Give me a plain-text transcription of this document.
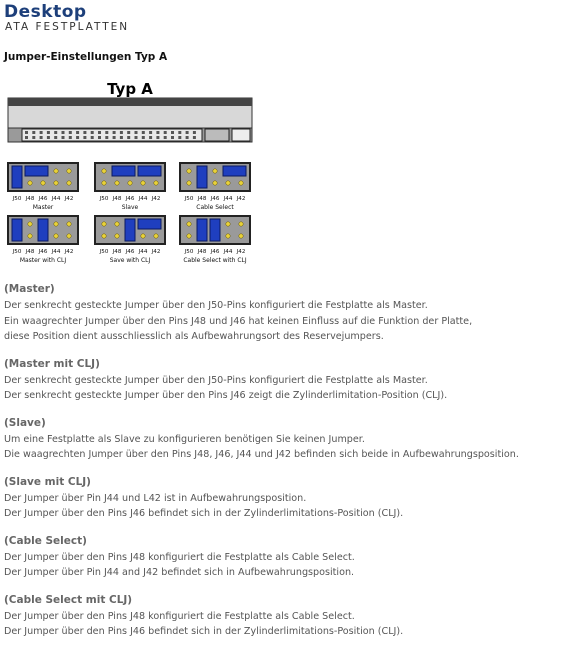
Desktop
ATA FESTPLATTEN
Jumper-Einstellungen Typ A
Typ A
J50 J48 J46 J44 J42
Master
J50 J48 J46 J44 J42
Slave
J50 J48 J46 J44 J42
Cable Select
J50 J48 J46 J44 J42
Master with CLJ
J50 J48 J46 J44 J42
Save with CLJ
J50 J48 J46 J44 J42
Cable Select with CLJ
(Master)

Der senkrecht gesteckte Jumper über den J50-Pins konfiguriert die Festplatte als Master.

Ein waagrechter Jumper über den Pins J48 und J46 hat keinen Einfluss auf die Funktion der Platte,

diese Position dient ausschliesslich als Aufbewahrungsort des Reservejumpers.

(Master mit CLJ)

Der senkrecht gesteckte Jumper über den J50-Pins konfiguriert die Festplatte als Master.

Der senkrecht gesteckte Jumper über den Pins J46 zeigt die Zylinderlimitation-Position (CLJ).

(Slave)

Um eine Festplatte als Slave zu konfigurieren benötigen Sie keinen Jumper.

Die waagrechten Jumper über den Pins J48, J46, J44 und J42 befinden sich beide in Aufbewahrungsposition.

(Slave mit CLJ)

Der Jumper über Pin J44 und L42 ist in Aufbewahrungsposition.

Der Jumper über den Pins J46 befindet sich in der Zylinderlimitations-Position (CLJ).

(Cable Select)

Der Jumper über den Pins J48 konfiguriert die Festplatte als Cable Select.

Der Jumper über Pin J44 and J42 befindet sich in Aufbewahrungsposition.

(Cable Select mit CLJ)

Der Jumper über den Pins J48 konfiguriert die Festplatte als Cable Select.

Der Jumper über den Pins J46 befindet sich in der Zylinderlimitations-Position (CLJ).
